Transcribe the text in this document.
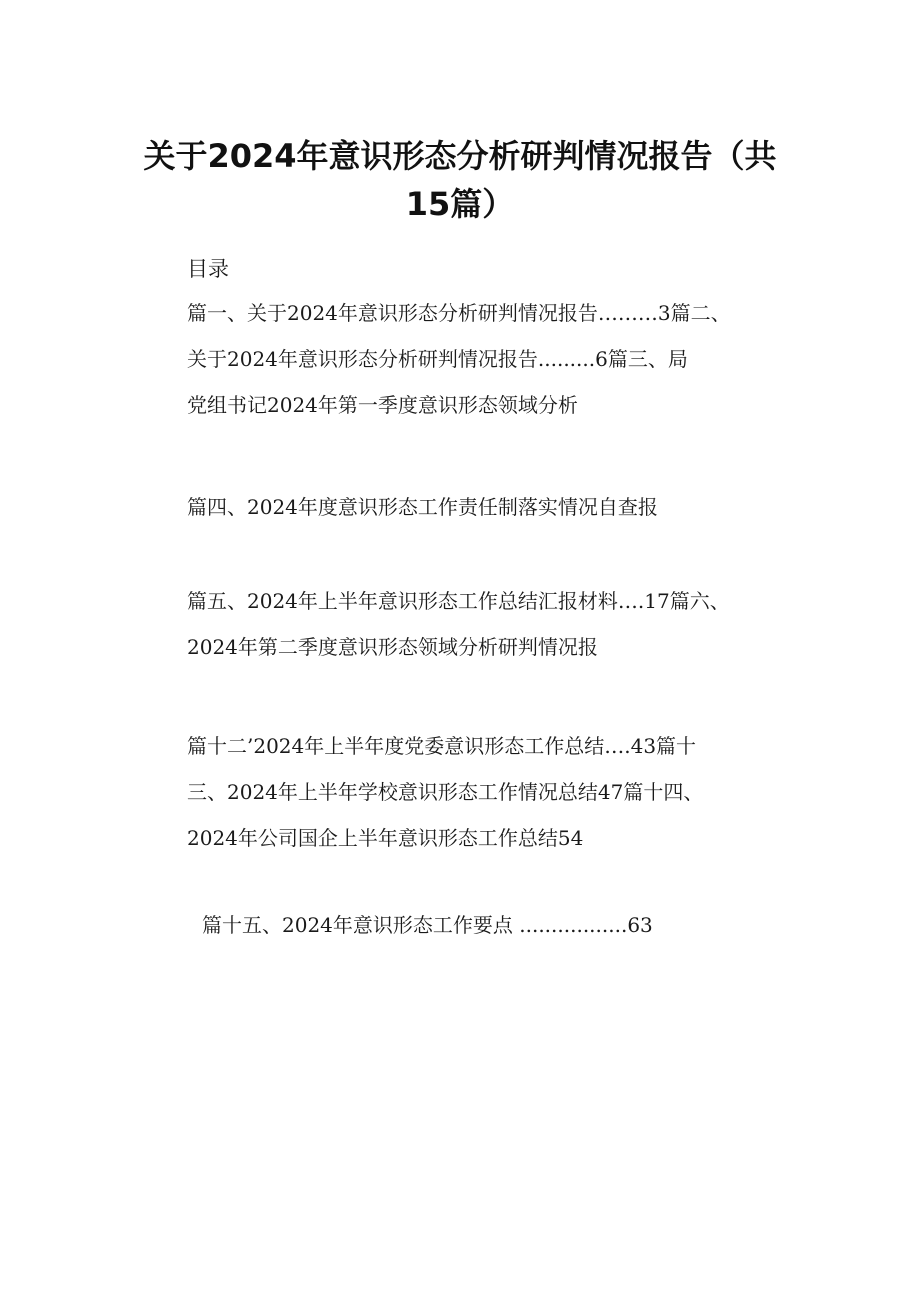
关于2024年意识形态分析研判情况报告（共
15篇）
目录
篇一、关于2024年意识形态分析研判情况报告………3篇二、
关于2024年意识形态分析研判情况报告.........6篇三、局
党组书记2024年第一季度意识形态领域分析
篇四、2024年度意识形态工作责任制落实情况自查报
篇五、2024年上半年意识形态工作总结汇报材料….17篇六、
2024年第二季度意识形态领域分析研判情况报
篇十二’2024年上半年度党委意识形态工作总结….43篇十
三、2024年上半年学校意识形态工作情况总结47篇十四、
2024年公司国企上半年意识形态工作总结54
篇十五、2024年意识形态工作要点 .................63
